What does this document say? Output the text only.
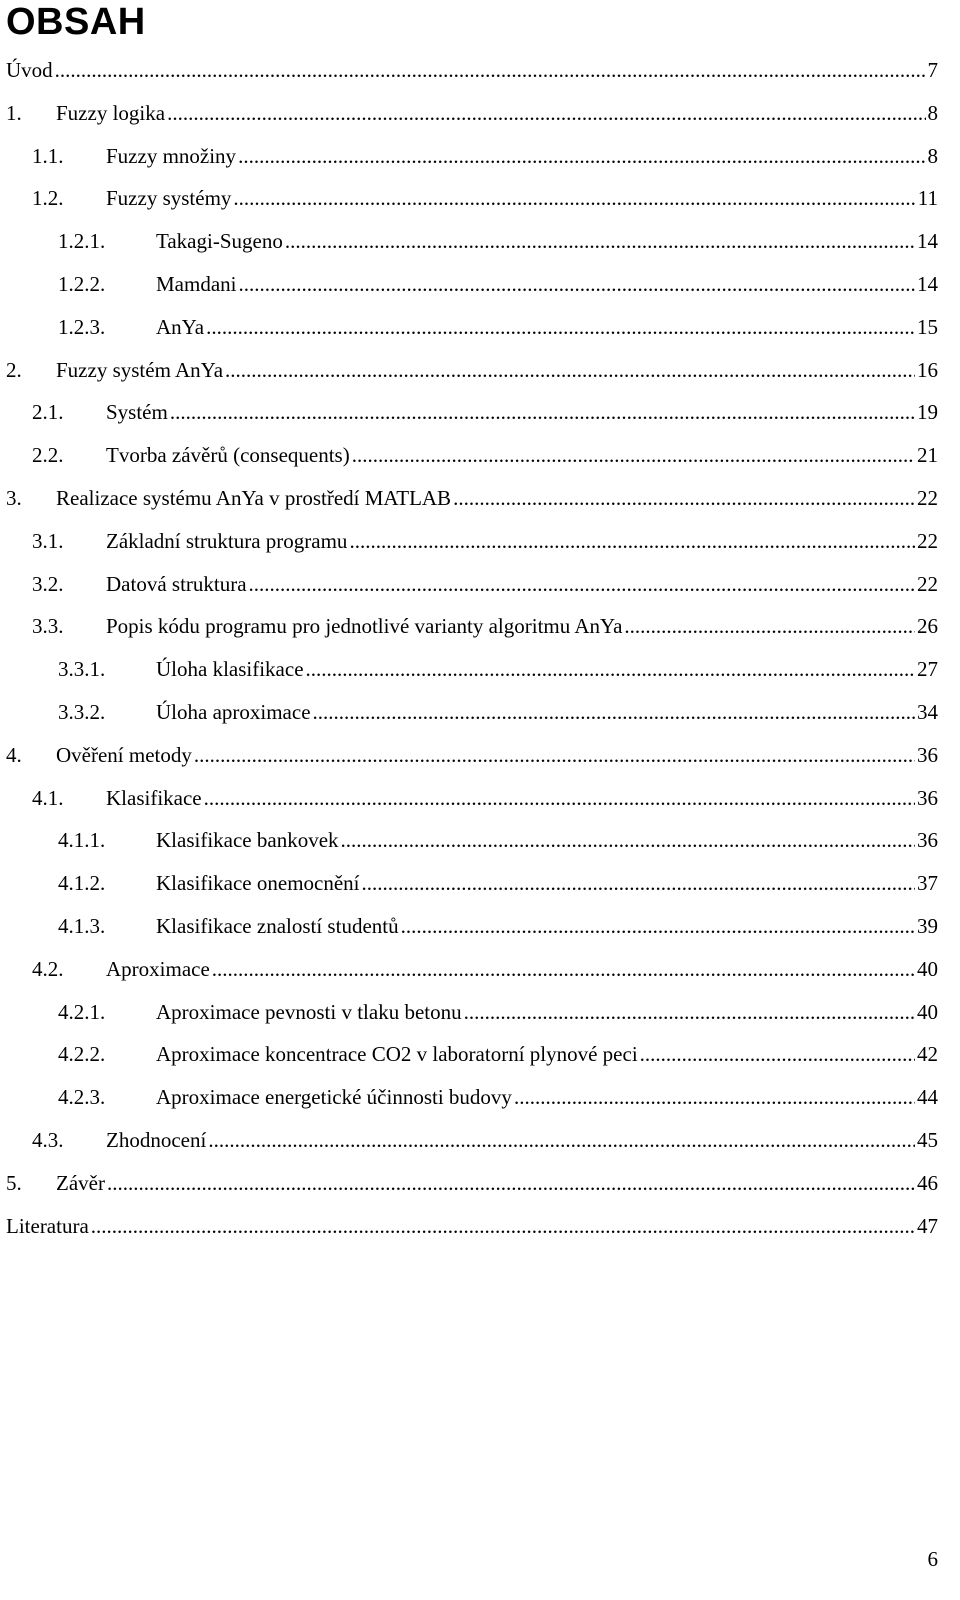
OBSAH
Úvod .....	7
1.	Fuzzy logika .....	8
1.1.	Fuzzy množiny .....	8
1.2.	Fuzzy systémy .....	11
1.2.1.	Takagi-Sugeno .....	14
1.2.2.	Mamdani .....	14
1.2.3.	AnYa .....	15
2.	Fuzzy systém AnYa .....	16
2.1.	Systém .....	19
2.2.	Tvorba závěrů (consequents) .....	21
3.	Realizace systému AnYa v prostředí MATLAB .....	22
3.1.	Základní struktura programu .....	22
3.2.	Datová struktura .....	22
3.3.	Popis kódu programu pro jednotlivé varianty algoritmu AnYa .....	26
3.3.1.	Úloha klasifikace .....	27
3.3.2.	Úloha aproximace .....	34
4.	Ověření metody .....	36
4.1.	Klasifikace .....	36
4.1.1.	Klasifikace bankovek .....	36
4.1.2.	Klasifikace onemocnění .....	37
4.1.3.	Klasifikace znalostí studentů .....	39
4.2.	Aproximace .....	40
4.2.1.	Aproximace pevnosti v tlaku betonu .....	40
4.2.2.	Aproximace koncentrace CO2 v laboratorní plynové peci .....	42
4.2.3.	Aproximace energetické účinnosti budovy .....	44
4.3.	Zhodnocení .....	45
5.	Závěr .....	46
Literatura .....	47
6
